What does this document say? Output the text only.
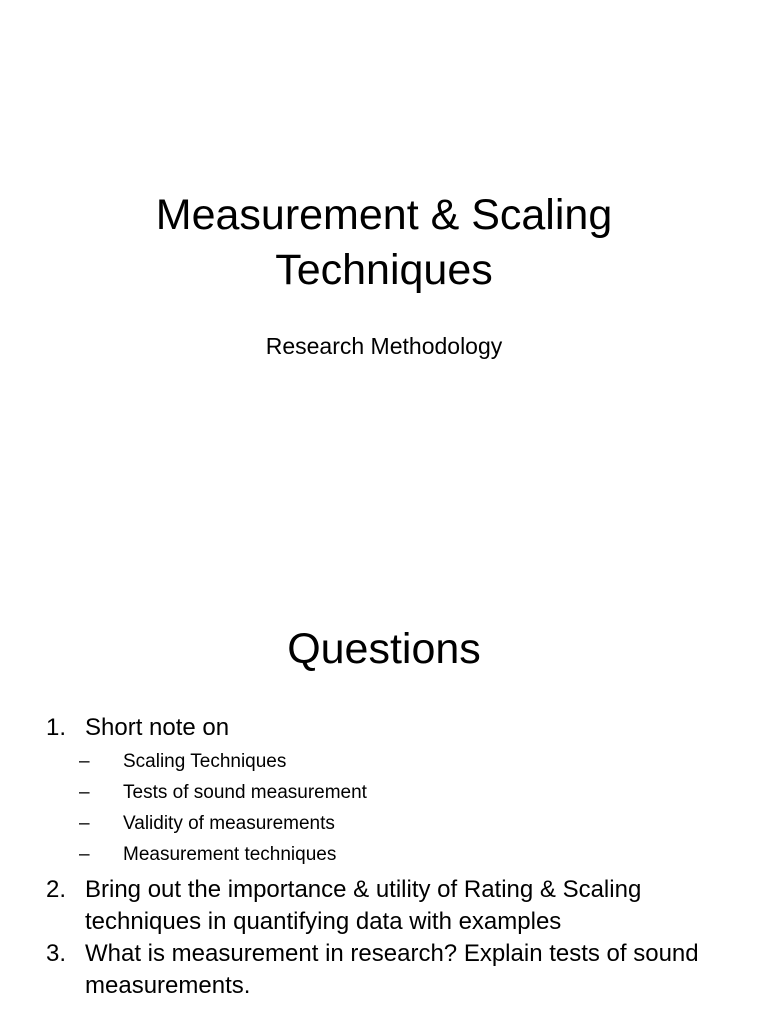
Measurement & Scaling
Techniques

Research Methodology

Questions
1. Short note on
– Scaling Techniques
– Tests of sound measurement
– Validity of measurements
– Measurement techniques
2. Bring out the importance & utility of Rating & Scaling techniques in quantifying data with examples
3. What is measurement in research? Explain tests of sound measurements.
